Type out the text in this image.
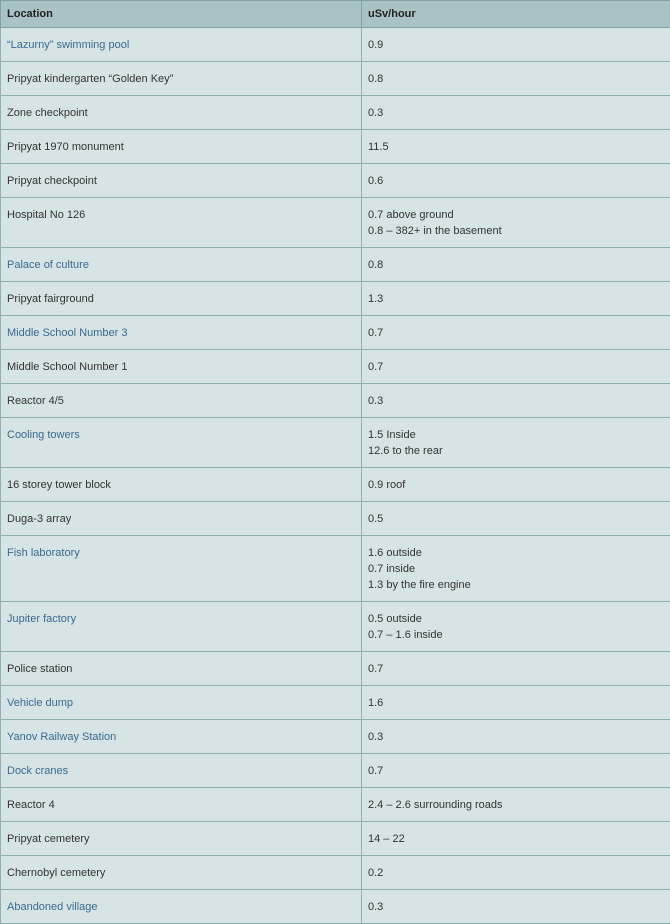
Location	uSv/hour
“Lazurny” swimming pool	0.9

Pripyat kindergarten “Golden Key”	0.8

Zone checkpoint	0.3

Pripyat 1970 monument	11.5

Pripyat checkpoint	0.6

Hospital No 126	0.7 above ground
0.8 – 382+ in the basement

Palace of culture	0.8

Pripyat fairground	1.3

Middle School Number 3	0.7

Middle School Number 1	0.7

Reactor 4/5	0.3

Cooling towers	1.5 Inside
12.6 to the rear

16 storey tower block	0.9 roof

Duga-3 array	0.5

Fish laboratory	1.6 outside
0.7 inside
1.3 by the fire engine

Jupiter factory	0.5 outside
0.7 – 1.6 inside

Police station	0.7

Vehicle dump	1.6

Yanov Railway Station	0.3

Dock cranes	0.7

Reactor 4	2.4 – 2.6 surrounding roads

Pripyat cemetery	14 – 22

Chernobyl cemetery	0.2

Abandoned village	0.3
